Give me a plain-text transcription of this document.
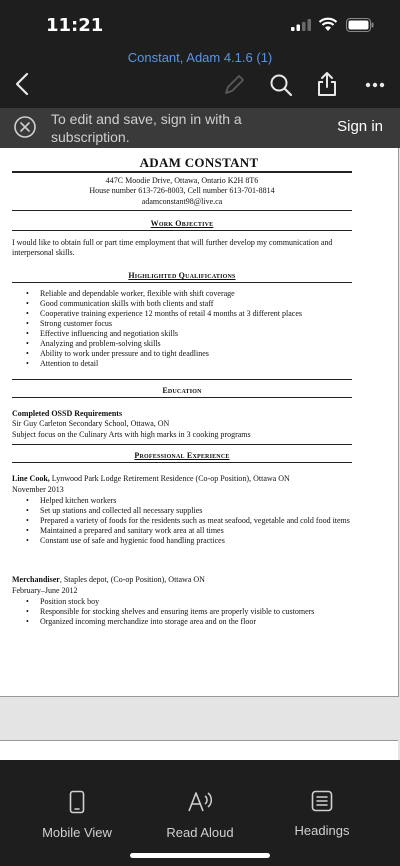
11:21
Constant, Adam 4.1.6 (1)
To edit and save, sign in with a subscription.
Sign in
ADAM CONSTANT
447C Moodie Drive, Ottawa, Ontario K2H 8T6
House number 613-726-8003, Cell number 613-701-8814
adamconstant98@live.ca
Work Objective
I would like to obtain full or part time employment that will further develop my communication and interpersonal skills.
Highlighted Qualifications
• Reliable and dependable worker, flexible with shift coverage
• Good communication skills with both clients and staff
• Cooperative training experience 12 months of retail 4 months at 3 different places
• Strong customer focus
• Effective influencing and negotiation skills
• Analyzing and problem-solving skills
• Ability to work under pressure and to tight deadlines
• Attention to detail
Education
Completed OSSD Requirements
Sir Guy Carleton Secondary School, Ottawa, ON
Subject focus on the Culinary Arts with high marks in 3 cooking programs
Professional Experience
Line Cook, Lynwood Park Lodge Retirement Residence (Co-op Position), Ottawa ON
November 2013
• Helped kitchen workers
• Set up stations and collected all necessary supplies
• Prepared a variety of foods for the residents such as meat seafood, vegetable and cold food items
• Maintained a prepared and sanitary work area at all times
• Constant use of safe and hygienic food handling practices
Merchandiser, Staples depot, (Co-op Position), Ottawa ON
February–June 2012
• Position stock boy
• Responsible for stocking shelves and ensuring items are properly visible to customers
• Organized incoming merchandize into storage area and on the floor
Mobile View	Read Aloud	Headings
